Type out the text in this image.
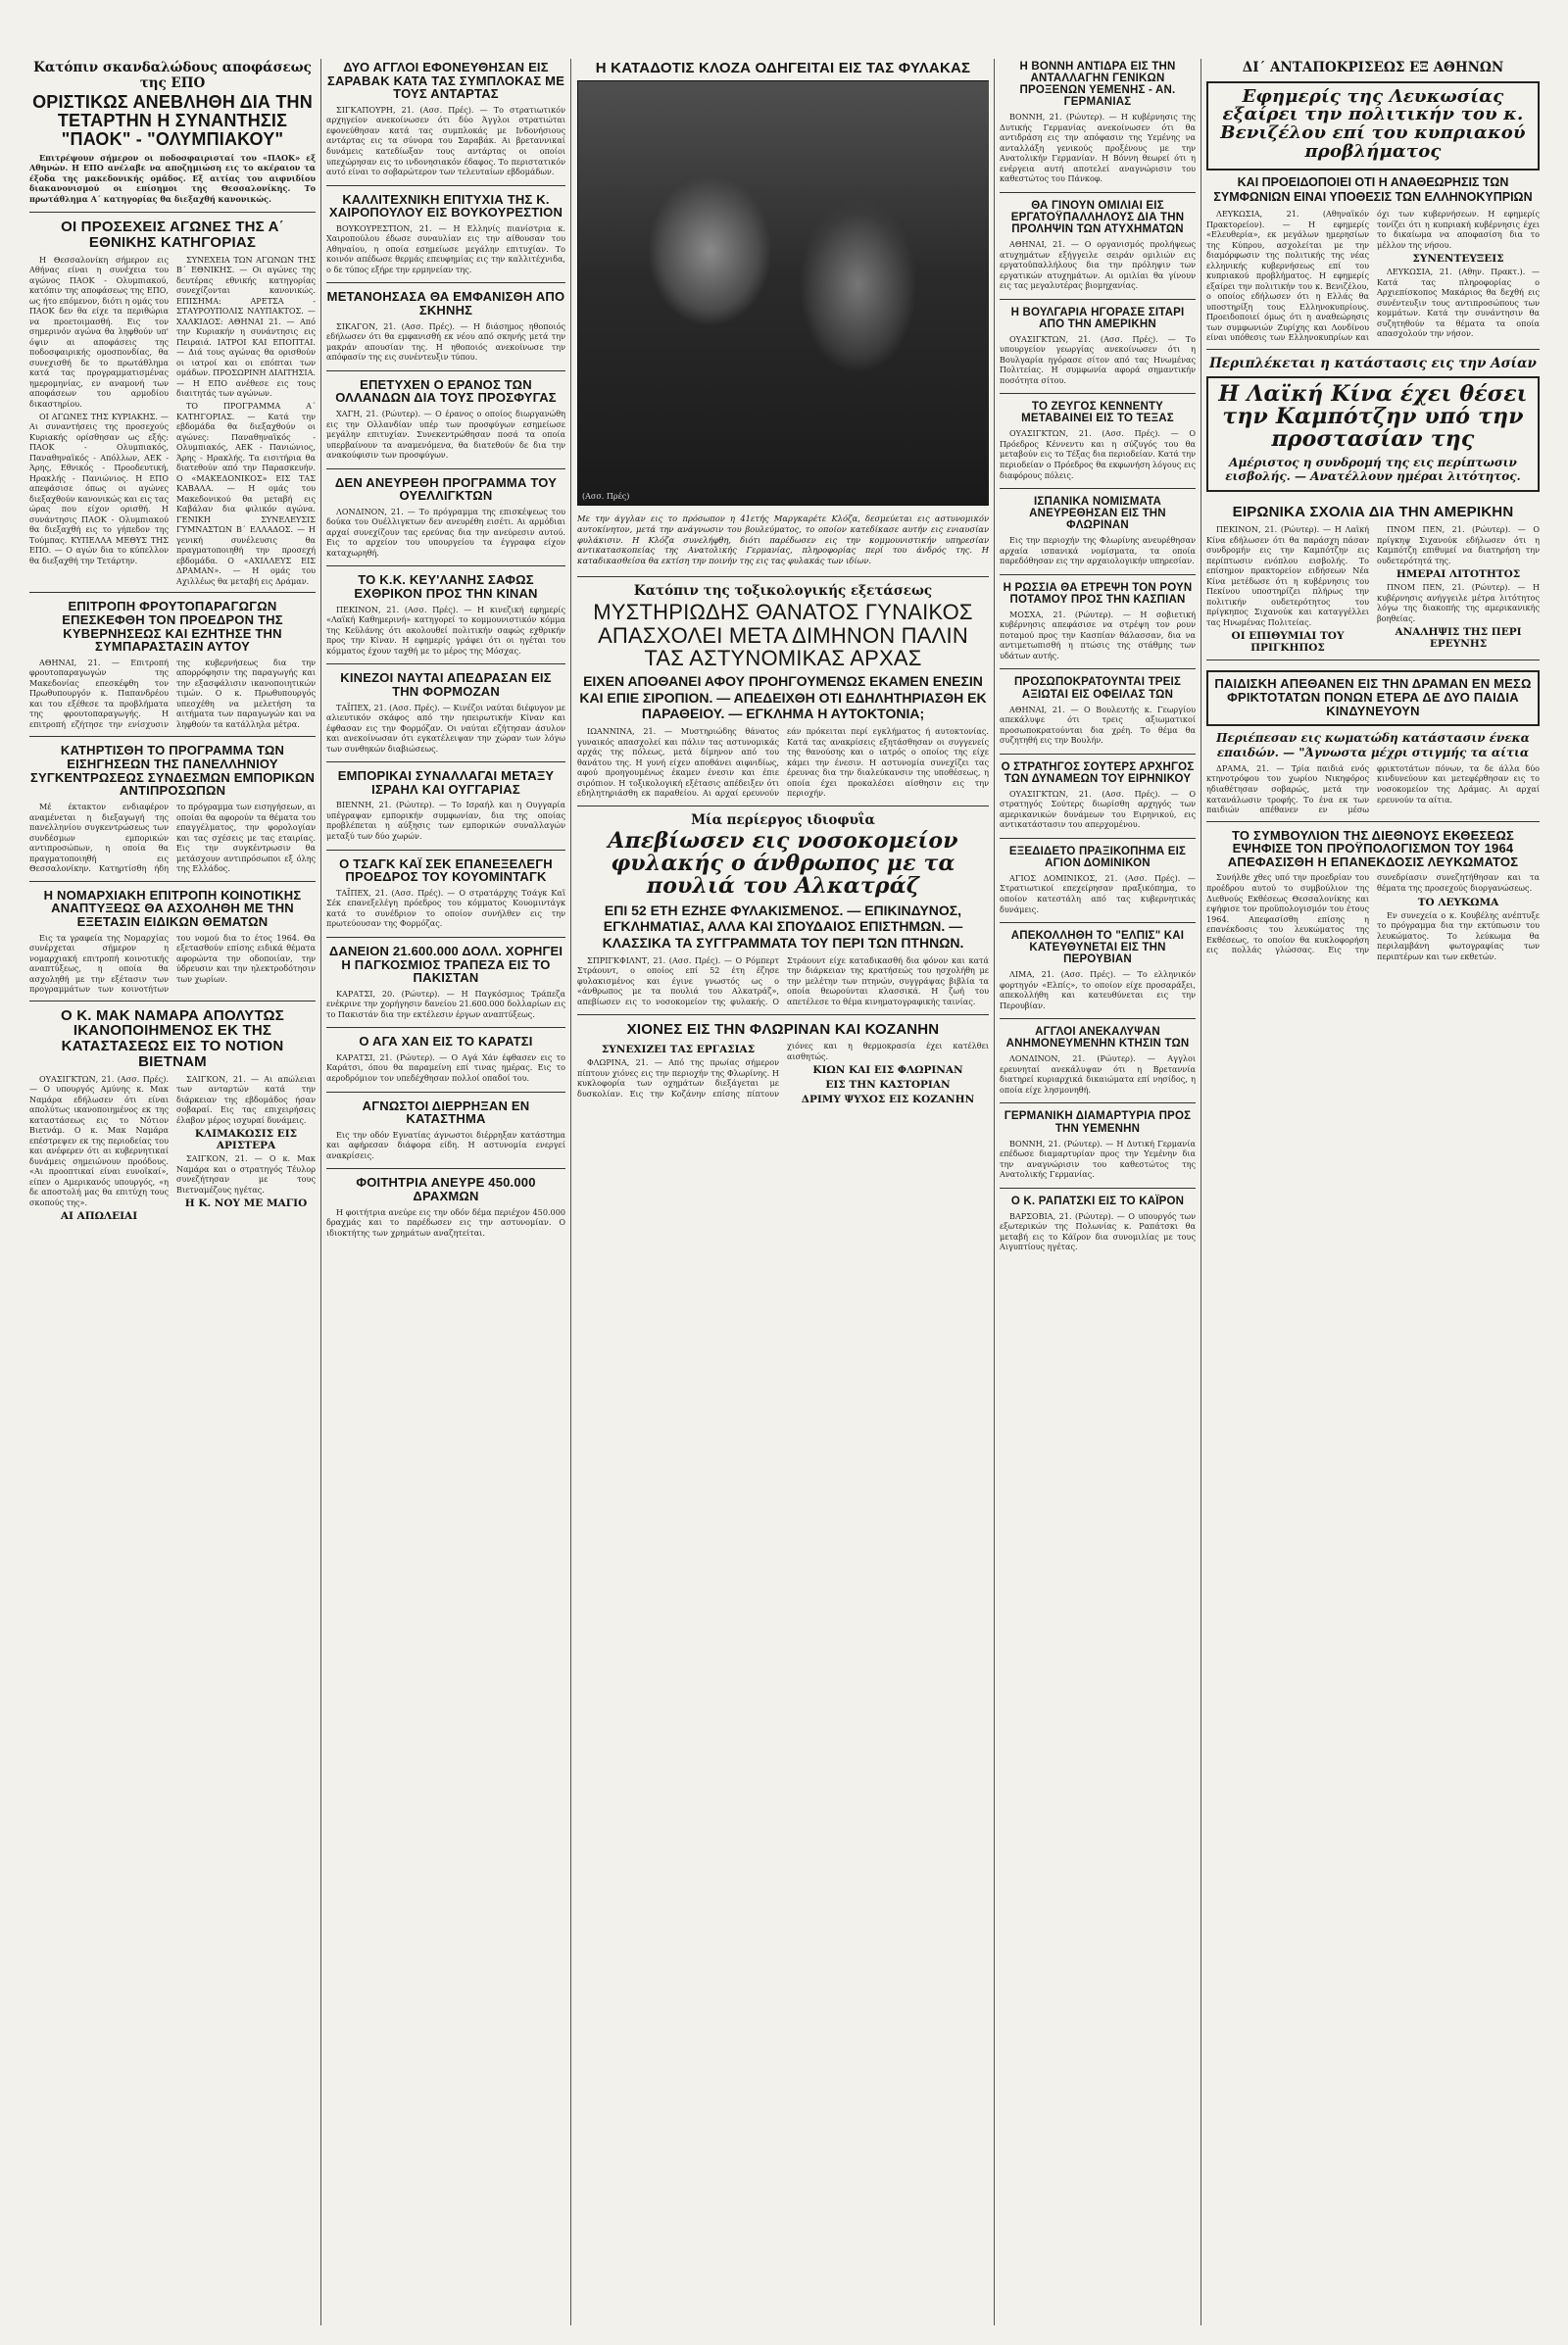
Κατόπιν σκανδαλώδους αποφάσεως της ΕΠΟ
ΟΡΙΣΤΙΚΩΣ ΑΝΕΒΛΗΘΗ ΔΙΑ ΤΗΝ ΤΕΤΑΡΤΗΝ Η ΣΥΝΑΝΤΗΣΙΣ "ΠΑΟΚ" - "ΟΛΥΜΠΙΑΚΟΥ"

Επιτρέψουν σήμερον οι ποδοσφαιρισταί του «ΠΑΟΚ» εξ Αθηνών. Η ΕΠΟ ανέλαβε να αποζημιώση εις το ακέραιον τα έξοδα της μακεδονικής ομάδος. Εξ αιτίας του αιφνιδίου διακανονισμού οι επίσημοι της Θεσσαλονίκης. Το πρωτάθλημα Α΄ κατηγορίας θα διεξαχθή κανονικώς.

ΟΙ ΠΡΟΣΕΧΕΙΣ ΑΓΩΝΕΣ ΤΗΣ Α΄ ΕΘΝΙΚΗΣ ΚΑΤΗΓΟΡΙΑΣ

Η Θεσσαλονίκη σήμερον εις Αθήνας είναι η συνέχεια του αγώνος ΠΑΟΚ - Ολυμπιακού, κατόπιν της αποφάσεως της ΕΠΟ, ως ήτο επόμενον, διότι η ομάς του ΠΑΟΚ δεν θα είχε τα περιθώρια να προετοιμασθή. Εις τον σημερινόν αγώνα θα ληφθούν υπ' όψιν αι αποφάσεις της ποδοσφαιρικής ομοσπονδίας, θα συνεχισθή δε το πρωτάθλημα κατά τας προγραμματισμένας ημερομηνίας, εν αναμονή των αποφάσεων του αρμοδίου δικαστηρίου.

ΟΙ ΑΓΩΝΕΣ ΤΗΣ ΚΥΡΙΑΚΗΣ. — Αι συναντήσεις της προσεχούς Κυριακής ορίσθησαν ως εξής: ΠΑΟΚ - Ολυμπιακός, Παναθηναϊκός - Απόλλων, ΑΕΚ - Άρης, Εθνικός - Προοδευτική, Ηρακλής - Πανιώνιος. Η ΕΠΟ απεφάσισε όπως οι αγώνες διεξαχθούν κανονικώς και εις τας ώρας που είχον ορισθή. Η συνάντησις ΠΑΟΚ - Ολυμπιακού θα διεξαχθή εις το γήπεδον της Τούμπας. ΚΥΠΕΛΛΑ ΜΕΘΥΣ ΤΗΣ ΕΠΟ. — Ο αγών δια το κύπελλον θα διεξαχθή την Τετάρτην.

ΣΥΝΕΧΕΙΑ ΤΩΝ ΑΓΩΝΩΝ ΤΗΣ Β΄ ΕΘΝΙΚΗΣ. — Οι αγώνες της δευτέρας εθνικής κατηγορίας συνεχίζονται κανονικώς. ΕΠΙΣΗΜΑ: ΑΡΕΤΣΑ - ΣΤΑΥΡΟΥΠΟΛΙΣ ΝΑΥΠΑΚΤΟΣ. — ΧΑΛΚΙΔΟΣ: ΑΘΗΝΑΙ 21. — Από την Κυριακήν η συνάντησις εις Πειραιά. ΙΑΤΡΟΙ ΚΑΙ ΕΠΟΠΤΑΙ. — Διά τους αγώνας θα ορισθούν οι ιατροί και οι επόπται των ομάδων. ΠΡΟΣΩΡΙΝΗ ΔΙΑΙΤΗΣΙΑ. — Η ΕΠΟ ανέθεσε εις τους διαιτητάς των αγώνων.

ΤΟ ΠΡΟΓΡΑΜΜΑ Α΄ ΚΑΤΗΓΟΡΙΑΣ. — Κατά την εβδομάδα θα διεξαχθούν οι αγώνες: Παναθηναϊκός - Ολυμπιακός, ΑΕΚ - Πανιώνιος, Άρης - Ηρακλής. Τα εισιτήρια θα διατεθούν από την Παρασκευήν. Ο «ΜΑΚΕΔΟΝΙΚΟΣ» ΕΙΣ ΤΑΣ ΚΑΒΑΛΑ. — Η ομάς του Μακεδονικού θα μεταβή εις Καβάλαν δια φιλικόν αγώνα. ΓΕΝΙΚΗ ΣΥΝΕΛΕΥΣΙΣ ΓΥΜΝΑΣΤΩΝ Β΄ ΕΛΛΑΔΟΣ. — Η γενική συνέλευσις θα πραγματοποιηθή την προσεχή εβδομάδα. Ο «ΑΧΙΛΛΕΥΣ ΕΙΣ ΔΡΑΜΑΝ». — Η ομάς του Αχιλλέως θα μεταβή εις Δράμαν.

ΕΠΙΤΡΟΠΗ ΦΡΟΥΤΟΠΑΡΑΓΩΓΩΝ ΕΠΕΣΚΕΦΘΗ ΤΟΝ ΠΡΟΕΔΡΟΝ ΤΗΣ ΚΥΒΕΡΝΗΣΕΩΣ ΚΑΙ ΕΖΗΤΗΣΕ ΤΗΝ ΣΥΜΠΑΡΑΣΤΑΣΙΝ ΑΥΤΟΥ

ΑΘΗΝΑΙ, 21. — Επιτροπή φρουτοπαραγωγών της Μακεδονίας επεσκέφθη τον Πρωθυπουργόν κ. Παπανδρέου και του εξέθεσε τα προβλήματα της φρουτοπαραγωγής. Η επιτροπή εζήτησε την ενίσχυσιν της κυβερνήσεως δια την απορρόφησιν της παραγωγής και την εξασφάλισιν ικανοποιητικών τιμών. Ο κ. Πρωθυπουργός υπεσχέθη να μελετήση τα αιτήματα των παραγωγών και να ληφθούν τα κατάλληλα μέτρα.

ΚΑΤΗΡΤΙΣΘΗ ΤΟ ΠΡΟΓΡΑΜΜΑ ΤΩΝ ΕΙΣΗΓΗΣΕΩΝ ΤΗΣ ΠΑΝΕΛΛΗΝΙΟΥ ΣΥΓΚΕΝΤΡΩΣΕΩΣ ΣΥΝΔΕΣΜΩΝ ΕΜΠΟΡΙΚΩΝ ΑΝΤΙΠΡΟΣΩΠΩΝ

Μέ έκτακτον ενδιαφέρον αναμένεται η διεξαγωγή της πανελληνίου συγκεντρώσεως των συνδέσμων εμπορικών αντιπροσώπων, η οποία θα πραγματοποιηθή εις Θεσσαλονίκην. Κατηρτίσθη ήδη το πρόγραμμα των εισηγήσεων, αι οποίαι θα αφορούν τα θέματα του επαγγέλματος, την φορολογίαν και τας σχέσεις με τας εταιρίας. Εις την συγκέντρωσιν θα μετάσχουν αντιπρόσωποι εξ όλης της Ελλάδος.

Η ΝΟΜΑΡΧΙΑΚΗ ΕΠΙΤΡΟΠΗ ΚΟΙΝΟΤΙΚΗΣ ΑΝΑΠΤΥΞΕΩΣ ΘΑ ΑΣΧΟΛΗΘΗ ΜΕ ΤΗΝ ΕΞΕΤΑΣΙΝ ΕΙΔΙΚΩΝ ΘΕΜΑΤΩΝ

Εις τα γραφεία της Νομαρχίας συνέρχεται σήμερον η νομαρχιακή επιτροπή κοινοτικής αναπτύξεως, η οποία θα ασχοληθή με την εξέτασιν των προγραμμάτων των κοινοτήτων του νομού δια το έτος 1964. Θα εξετασθούν επίσης ειδικά θέματα αφορώντα την οδοποιίαν, την ύδρευσιν και την ηλεκτροδότησιν των χωρίων.

Ο Κ. ΜΑΚ ΝΑΜΑΡΑ ΑΠΟΛΥΤΩΣ ΙΚΑΝΟΠΟΙΗΜΕΝΟΣ ΕΚ ΤΗΣ ΚΑΤΑΣΤΑΣΕΩΣ ΕΙΣ ΤΟ ΝΟΤΙΟΝ ΒΙΕΤΝΑΜ

ΟΥΑΣΙΓΚΤΩΝ, 21. (Ασσ. Πρές). — Ο υπουργός Αμύνης κ. Μακ Ναμάρα εδήλωσεν ότι είναι απολύτως ικανοποιημένος εκ της καταστάσεως εις το Νότιον Βιετνάμ. Ο κ. Μακ Ναμάρα επέστρεψεν εκ της περιοδείας του και ανέφερεν ότι αι κυβερνητικαί δυνάμεις σημειώνουν προόδους. «Αι προοπτικαί είναι ευνοϊκαί», είπεν ο Αμερικανός υπουργός, «η δε αποστολή μας θα επιτύχη τους σκοπούς της».

ΑΙ ΑΠΩΛΕΙΑΙ

ΣΑΙΓΚΟΝ, 21. — Αι απώλειαι των ανταρτών κατά την διάρκειαν της εβδομάδος ήσαν σοβαραί. Εις τας επιχειρήσεις έλαβον μέρος ισχυραί δυνάμεις.

ΚΛΙΜΑΚΩΣΙΣ ΕΙΣ ΑΡΙΣΤΕΡΑ

ΣΑΙΓΚΟΝ, 21. — Ο κ. Μακ Ναμάρα και ο στρατηγός Τέυλορ συνεζήτησαν με τους Βιετναμέζους ηγέτας.

Η Κ. ΝΟΥ ΜΕ ΜΑΓΙΟ
ΔΥΟ ΑΓΓΛΟΙ ΕΦΟΝΕΥΘΗΣΑΝ ΕΙΣ ΣΑΡΑΒΑΚ ΚΑΤΑ ΤΑΣ ΣΥΜΠΛΟΚΑΣ ΜΕ ΤΟΥΣ ΑΝΤΑΡΤΑΣ

ΣΙΓΚΑΠΟΥΡΗ, 21. (Ασσ. Πρές). — Το στρατιωτικόν αρχηγείον ανεκοίνωσεν ότι δύο Άγγλοι στρατιώται εφονεύθησαν κατά τας συμπλοκάς με Ινδονήσιους αντάρτας εις τα σύνορα του Σαραβάκ. Αι βρεταννικαί δυνάμεις κατεδίωξαν τους αντάρτας οι οποίοι υπεχώρησαν εις το ινδονησιακόν έδαφος. Το περιστατικόν αυτό είναι το σοβαρώτερον των τελευταίων εβδομάδων.

ΚΑΛΛΙΤΕΧΝΙΚΗ ΕΠΙΤΥΧΙΑ ΤΗΣ Κ. ΧΑΙΡΟΠΟΥΛΟΥ ΕΙΣ ΒΟΥΚΟΥΡΕΣΤΙΟΝ

ΒΟΥΚΟΥΡΕΣΤΙΟΝ, 21. — Η Ελληνίς πιανίστρια κ. Χαιροπούλου έδωσε συναυλίαν εις την αίθουσαν του Αθηναίου, η οποία εσημείωσε μεγάλην επιτυχίαν. Το κοινόν απέδωσε θερμάς επευφημίας εις την καλλιτέχνιδα, ο δε τύπος εξήρε την ερμηνείαν της.

ΜΕΤΑΝΟΗΣΑΣΑ ΘΑ ΕΜΦΑΝΙΣΘΗ ΑΠΟ ΣΚΗΝΗΣ

ΣΙΚΑΓΟΝ, 21. (Ασσ. Πρές). — Η διάσημος ηθοποιός εδήλωσεν ότι θα εμφανισθή εκ νέου από σκηνής μετά την μακράν απουσίαν της. Η ηθοποιός ανεκοίνωσε την απόφασίν της εις συνέντευξιν τύπου.

ΕΠΕΤΥΧΕΝ Ο ΕΡΑΝΟΣ ΤΩΝ ΟΛΛΑΝΔΩΝ ΔΙΑ ΤΟΥΣ ΠΡΟΣΦΥΓΑΣ

ΧΑΓΗ, 21. (Ρώυτερ). — Ο έρανος ο οποίος διωργανώθη εις την Ολλανδίαν υπέρ των προσφύγων εσημείωσε μεγάλην επιτυχίαν. Συνεκεντρώθησαν ποσά τα οποία υπερβαίνουν τα αναμενόμενα, θα διατεθούν δε δια την ανακούφισιν των προσφύγων.

ΔΕΝ ΑΝΕΥΡΕΘΗ ΠΡΟΓΡΑΜΜΑ ΤΟΥ ΟΥΕΛΛΙΓΚΤΩΝ

ΛΟΝΔΙΝΟΝ, 21. — Το πρόγραμμα της επισκέψεως του δούκα του Ουέλλιγκτων δεν ανευρέθη εισέτι. Αι αρμόδιαι αρχαί συνεχίζουν τας ερεύνας δια την ανεύρεσιν αυτού. Εις το αρχείον του υπουργείου τα έγγραφα είχον καταχωρηθή.

ΤΟ Κ.Κ. ΚΕΥ'ΛΑΝΗΣ ΣΑΦΩΣ ΕΧΘΡΙΚΟΝ ΠΡΟΣ ΤΗΝ ΚΙΝΑΝ

ΠΕΚΙΝΟΝ, 21. (Ασσ. Πρές). — Η κινεζική εφημερίς «Λαϊκή Καθημερινή» κατηγορεί το κομμουνιστικόν κόμμα της Κεϋλάνης ότι ακολουθεί πολιτικήν σαφώς εχθρικήν προς την Κίναν. Η εφημερίς γράφει ότι οι ηγέται του κόμματος έχουν ταχθή με το μέρος της Μόσχας.

ΚΙΝΕΖΟΙ ΝΑΥΤΑΙ ΑΠΕΔΡΑΣΑΝ ΕΙΣ ΤΗΝ ΦΟΡΜΟΖΑΝ

ΤΑΪΠΕΧ, 21. (Ασσ. Πρές). — Κινέζοι ναύται διέφυγον με αλιευτικόν σκάφος από την ηπειρωτικήν Κίναν και έφθασαν εις την Φορμόζαν. Οι ναύται εζήτησαν άσυλον και ανεκοίνωσαν ότι εγκατέλειψαν την χώραν των λόγω των συνθηκών διαβιώσεως.

ΕΜΠΟΡΙΚΑΙ ΣΥΝΑΛΛΑΓΑΙ ΜΕΤΑΞΥ ΙΣΡΑΗΛ ΚΑΙ ΟΥΓΓΑΡΙΑΣ

ΒΙΕΝΝΗ, 21. (Ρώυτερ). — Το Ισραήλ και η Ουγγαρία υπέγραψαν εμπορικήν συμφωνίαν, δια της οποίας προβλέπεται η αύξησις των εμπορικών συναλλαγών μεταξύ των δύο χωρών.

Ο ΤΣΑΓΚ ΚΑΪ ΣΕΚ ΕΠΑΝΕΞΕΛΕΓΗ ΠΡΟΕΔΡΟΣ ΤΟΥ ΚΟΥΟΜΙΝΤΑΓΚ

ΤΑΪΠΕΧ, 21. (Ασσ. Πρές). — Ο στρατάρχης Τσάγκ Καϊ Σέκ επανεξελέγη πρόεδρος του κόμματος Κουομιντάγκ κατά το συνέδριον το οποίον συνήλθεν εις την πρωτεύουσαν της Φορμόζας.

ΔΑΝΕΙΟΝ 21.600.000 ΔΟΛΛ. ΧΟΡΗΓΕΙ Η ΠΑΓΚΟΣΜΙΟΣ ΤΡΑΠΕΖΑ ΕΙΣ ΤΟ ΠΑΚΙΣΤΑΝ

ΚΑΡΑΤΣΙ, 20. (Ρώυτερ). — Η Παγκόσμιος Τράπεζα ενέκρινε την χορήγησιν δανείου 21.600.000 δολλαρίων εις το Πακιστάν δια την εκτέλεσιν έργων αναπτύξεως.

Ο ΑΓΑ ΧΑΝ ΕΙΣ ΤΟ ΚΑΡΑΤΣΙ

ΚΑΡΑΤΣΙ, 21. (Ρώυτερ). — Ο Αγά Χάν έφθασεν εις το Καράτσι, όπου θα παραμείνη επί τινας ημέρας. Εις το αεροδρόμιον τον υπεδέχθησαν πολλοί οπαδοί του.

ΑΓΝΩΣΤΟΙ ΔΙΕΡΡΗΞΑΝ ΕΝ ΚΑΤΑΣΤΗΜΑ

Εις την οδόν Εγνατίας άγνωστοι διέρρηξαν κατάστημα και αφήρεσαν διάφορα είδη. Η αστυνομία ενεργεί ανακρίσεις.

ΦΟΙΤΗΤΡΙΑ ΑΝΕΥΡΕ 450.000 ΔΡΑΧΜΩΝ

Η φοιτήτρια ανεύρε εις την οδόν δέμα περιέχον 450.000 δραχμάς και το παρέδωσεν εις την αστυνομίαν. Ο ιδιοκτήτης των χρημάτων αναζητείται.

Η ΚΑΤΑΔΟΤΙΣ ΚΛΟΖΑ ΟΔΗΓΕΙΤΑΙ ΕΙΣ ΤΑΣ ΦΥΛΑΚΑΣ
(Ασσ. Πρές)

Με την άγγλαν εις το πρόσωπον η 41ετής Μαργκαρέτε Κλόζα, δεσμεύεται εις αστυνομικόν αυτοκίνητον, μετά την ανάγνωσιν του βουλεύματος, το οποίον κατεδίκασε αυτήν εις ενιαυσίαν φυλάκισιν. Η Κλόζα συνελήφθη, διότι παρέδωσεν εις την κομμουνιστικήν υπηρεσίαν αντικατασκοπείας της Ανατολικής Γερμανίας, πληροφορίας περί του άνδρός της. Η καταδικασθείσα θα εκτίση την ποινήν της εις τας φυλακάς των ιδίων.

Κατόπιν της τοξικολογικής εξετάσεως
ΜΥΣΤΗΡΙΩΔΗΣ ΘΑΝΑΤΟΣ ΓΥΝΑΙΚΟΣ ΑΠΑΣΧΟΛΕΙ ΜΕΤΑ ΔΙΜΗΝΟΝ ΠΑΛΙΝ ΤΑΣ ΑΣΤΥΝΟΜΙΚΑΣ ΑΡΧΑΣ
ΕΙΧΕΝ ΑΠΟΘΑΝΕΙ ΑΦΟΥ ΠΡΟΗΓΟΥΜΕΝΩΣ ΕΚΑΜΕΝ ΕΝΕΣΙΝ ΚΑΙ ΕΠΙΕ ΣΙΡΟΠΙΟΝ. — ΑΠΕΔΕΙΧΘΗ ΟΤΙ ΕΔΗΛΗΤΗΡΙΑΣΘΗ ΕΚ ΠΑΡΑΘΕΙΟΥ. — ΕΓΚΛΗΜΑ Η ΑΥΤΟΚΤΟΝΙΑ;

ΙΩΑΝΝΙΝΑ, 21. — Μυστηριώδης θάνατος γυναικός απασχολεί και πάλιν τας αστυνομικάς αρχάς της πόλεως, μετά δίμηνον από του θανάτου της. Η γυνή είχεν αποθάνει αιφνιδίως, αφού προηγουμένως έκαμεν ένεσιν και έπιε σιρόπιον. Η τοξικολογική εξέτασις απέδειξεν ότι εδηλητηριάσθη εκ παραθείου. Αι αρχαί ερευνούν εάν πρόκειται περί εγκλήματος ή αυτοκτονίας. Κατά τας ανακρίσεις εξητάσθησαν οι συγγενείς της θανούσης και ο ιατρός ο οποίος της είχε κάμει την ένεσιν. Η αστυνομία συνεχίζει τας έρευνας δια την διαλεύκανσιν της υποθέσεως, η οποία έχει προκαλέσει αίσθησιν εις την περιοχήν.

Μία περίεργος ιδιοφυΐα
Απεβίωσεν εις νοσοκομείον φυλακής ο άνθρωπος με τα πουλιά του Αλκατράζ
ΕΠΙ 52 ΕΤΗ ΕΖΗΣΕ ΦΥΛΑΚΙΣΜΕΝΟΣ. — ΕΠΙΚΙΝΔΥΝΟΣ, ΕΓΚΛΗΜΑΤΙΑΣ, ΑΛΛΑ ΚΑΙ ΣΠΟΥΔΑΙΟΣ ΕΠΙΣΤΗΜΩΝ. — ΚΛΑΣΣΙΚΑ ΤΑ ΣΥΓΓΡΑΜΜΑΤΑ ΤΟΥ ΠΕΡΙ ΤΩΝ ΠΤΗΝΩΝ.

ΣΠΡΙΓΚΦΙΛΝΤ, 21. (Ασσ. Πρές). — Ο Ρόμπερτ Στράουντ, ο οποίος επί 52 έτη έζησε φυλακισμένος και έγινε γνωστός ως ο «άνθρωπος με τα πουλιά του Αλκατράζ», απεβίωσεν εις το νοσοκομείον της φυλακής. Ο Στράουντ είχε καταδικασθή δια φόνον και κατά την διάρκειαν της κρατήσεώς του ησχολήθη με την μελέτην των πτηνών, συγγράψας βιβλία τα οποία θεωρούνται κλασσικά. Η ζωή του απετέλεσε το θέμα κινηματογραφικής ταινίας.

ΧΙΟΝΕΣ ΕΙΣ ΤΗΝ ΦΛΩΡΙΝΑΝ ΚΑΙ ΚΟΖΑΝΗΝ
ΣΥΝΕΧΙΖΕΙ ΤΑΣ ΕΡΓΑΣΙΑΣ

ΦΛΩΡΙΝΑ, 21. — Από της πρωίας σήμερον πίπτουν χιόνες εις την περιοχήν της Φλωρίνης. Η κυκλοφορία των οχημάτων διεξάγεται με δυσκολίαν. Εις την Κοζάνην επίσης πίπτουν χιόνες και η θερμοκρασία έχει κατέλθει αισθητώς.

ΚΙΩΝ ΚΑΙ ΕΙΣ ΦΛΩΡΙΝΑΝ
ΕΙΣ ΤΗΝ ΚΑΣΤΟΡΙΑΝ
ΔΡΙΜΥ ΨΥΧΟΣ ΕΙΣ ΚΟΖΑΝΗΝ
Η ΒΟΝΝΗ ΑΝΤΙΔΡΑ ΕΙΣ ΤΗΝ ΑΝΤΑΛΛΑΓΗΝ ΓΕΝΙΚΩΝ ΠΡΟΞΕΝΩΝ ΥΕΜΕΝΗΣ - ΑΝ. ΓΕΡΜΑΝΙΑΣ

ΒΟΝΝΗ, 21. (Ρώυτερ). — Η κυβέρνησις της Δυτικής Γερμανίας ανεκοίνωσεν ότι θα αντιδράση εις την απόφασιν της Υεμένης να ανταλλάξη γενικούς προξένους με την Ανατολικήν Γερμανίαν. Η Βόννη θεωρεί ότι η ενέργεια αυτή αποτελεί αναγνώρισιν του καθεστώτος του Πάνκοφ.

ΘΑ ΓΙΝΟΥΝ ΟΜΙΛΙΑΙ ΕΙΣ ΕΡΓΑΤΟΫΠΑΛΛΗΛΟΥΣ ΔΙΑ ΤΗΝ ΠΡΟΛΗΨΙΝ ΤΩΝ ΑΤΥΧΗΜΑΤΩΝ

ΑΘΗΝΑΙ, 21. — Ο οργανισμός προλήψεως ατυχημάτων εξήγγειλε σειράν ομιλιών εις εργατοϋπαλλήλους δια την πρόληψιν των εργατικών ατυχημάτων. Αι ομιλίαι θα γίνουν εις τας μεγαλυτέρας βιομηχανίας.

Η ΒΟΥΛΓΑΡΙΑ ΗΓΟΡΑΣΕ ΣΙΤΑΡΙ ΑΠΟ ΤΗΝ ΑΜΕΡΙΚΗΝ

ΟΥΑΣΙΓΚΤΩΝ, 21. (Ασσ. Πρές). — Το υπουργείον γεωργίας ανεκοίνωσεν ότι η Βουλγαρία ηγόρασε σίτον από τας Ηνωμένας Πολιτείας. Η συμφωνία αφορά σημαντικήν ποσότητα σίτου.

ΤΟ ΖΕΥΓΟΣ ΚΕΝΝΕΝΤΥ ΜΕΤΑΒΑΙΝΕΙ ΕΙΣ ΤΟ ΤΕΞΑΣ

ΟΥΑΣΙΓΚΤΩΝ, 21. (Ασσ. Πρές). — Ο Πρόεδρος Κέννεντυ και η σύζυγός του θα μεταβούν εις το Τέξας δια περιοδείαν. Κατά την περιοδείαν ο Πρόεδρος θα εκφωνήση λόγους εις διαφόρους πόλεις.

ΙΣΠΑΝΙΚΑ ΝΟΜΙΣΜΑΤΑ ΑΝΕΥΡΕΘΗΣΑΝ ΕΙΣ ΤΗΝ ΦΛΩΡΙΝΑΝ

Εις την περιοχήν της Φλωρίνης ανευρέθησαν αρχαία ισπανικά νομίσματα, τα οποία παρεδόθησαν εις την αρχαιολογικήν υπηρεσίαν.

Η ΡΩΣΣΙΑ ΘΑ ΕΤΡΕΨΗ ΤΟΝ ΡΟΥΝ ΠΟΤΑΜΟΥ ΠΡΟΣ ΤΗΝ ΚΑΣΠΙΑΝ

ΜΟΣΧΑ, 21. (Ρώυτερ). — Η σοβιετική κυβέρνησις απεφάσισε να στρέψη τον ρουν ποταμού προς την Κασπίαν θάλασσαν, δια να αντιμετωπισθή η πτώσις της στάθμης των υδάτων αυτής.

ΠΡΟΣΩΠΟΚΡΑΤΟΥΝΤΑΙ ΤΡΕΙΣ ΑΞΙΩΤΑΙ ΕΙΣ ΟΦΕΙΛΑΣ ΤΩΝ

ΑΘΗΝΑΙ, 21. — Ο Βουλευτής κ. Γεωργίου απεκάλυψε ότι τρεις αξιωματικοί προσωποκρατούνται δια χρέη. Το θέμα θα συζητηθή εις την Βουλήν.

Ο ΣΤΡΑΤΗΓΟΣ ΣΟΥΤΕΡΣ ΑΡΧΗΓΟΣ ΤΩΝ ΔΥΝΑΜΕΩΝ ΤΟΥ ΕΙΡΗΝΙΚΟΥ

ΟΥΑΣΙΓΚΤΩΝ, 21. (Ασσ. Πρές). — Ο στρατηγός Σούτερς διωρίσθη αρχηγός των αμερικανικών δυνάμεων του Ειρηνικού, εις αντικατάστασιν του απερχομένου.

ΕΞΕΔΙΔΕΤΟ ΠΡΑΞΙΚΟΠΗΜΑ ΕΙΣ ΑΓΙΟΝ ΔΟΜΙΝΙΚΟΝ

ΑΓΙΟΣ ΔΟΜΙΝΙΚΟΣ, 21. (Ασσ. Πρές). — Στρατιωτικοί επεχείρησαν πραξικόπημα, το οποίον κατεστάλη από τας κυβερνητικάς δυνάμεις.

ΑΠΕΚΟΛΛΗΘΗ ΤΟ "ΕΛΠΙΣ" ΚΑΙ ΚΑΤΕΥΘΥΝΕΤΑΙ ΕΙΣ ΤΗΝ ΠΕΡΟΥΒΙΑΝ

ΛΙΜΑ, 21. (Ασσ. Πρές). — Το ελληνικόν φορτηγόν «Ελπίς», το οποίον είχε προσαράξει, απεκολλήθη και κατευθύνεται εις την Περουβίαν.

ΑΓΓΛΟΙ ΑΝΕΚΑΛΥΨΑΝ ΑΝΗΜΟΝΕΥΜΕΝΗΝ ΚΤΗΣΙΝ ΤΩΝ

ΛΟΝΔΙΝΟΝ, 21. (Ρώυτερ). — Αγγλοι ερευνηταί ανεκάλυψαν ότι η Βρεταννία διατηρεί κυριαρχικά δικαιώματα επί νησίδος, η οποία είχε λησμονηθή.

ΓΕΡΜΑΝΙΚΗ ΔΙΑΜΑΡΤΥΡΙΑ ΠΡΟΣ ΤΗΝ ΥΕΜΕΝΗΝ

ΒΟΝΝΗ, 21. (Ρώυτερ). — Η Δυτική Γερμανία επέδωσε διαμαρτυρίαν προς την Υεμένην δια την αναγνώρισιν του καθεστώτος της Ανατολικής Γερμανίας.

Ο Κ. ΡΑΠΑΤΣΚΙ ΕΙΣ ΤΟ ΚΑΪΡΟΝ

ΒΑΡΣΟΒΙΑ, 21. (Ρώυτερ). — Ο υπουργός των εξωτερικών της Πολωνίας κ. Ραπάτσκι θα μεταβή εις το Κάϊρον δια συνομιλίας με τους Αιγυπτίους ηγέτας.

ΔΙ΄ ΑΝΤΑΠΟΚΡΙΣΕΩΣ ΕΞ ΑΘΗΝΩΝ
Εφημερίς της Λευκωσίας εξαίρει την πολιτικήν του κ. Βενιζέλου επί του κυπριακού προβλήματος
ΚΑΙ ΠΡΟΕΙΔΟΠΟΙΕΙ ΟΤΙ Η ΑΝΑΘΕΩΡΗΣΙΣ ΤΩΝ ΣΥΜΦΩΝΙΩΝ ΕΙΝΑΙ ΥΠΟΘΕΣΙΣ ΤΩΝ ΕΛΛΗΝΟΚΥΠΡΙΩΝ

ΛΕΥΚΩΣΙΑ, 21. (Αθηναϊκόν Πρακτορείον). — Η εφημερίς «Ελευθερία», εκ μεγάλων ημερησίων της Κύπρου, ασχολείται με την διαμόρφωσιν της πολιτικής της νέας ελληνικής κυβερνήσεως επί του κυπριακού προβλήματος. Η εφημερίς εξαίρει την πολιτικήν του κ. Βενιζέλου, ο οποίος εδήλωσεν ότι η Ελλάς θα υποστηρίξη τους Ελληνοκυπρίους. Προειδοποιεί όμως ότι η αναθεώρησις των συμφωνιών Ζυρίχης και Λονδίνου είναι υπόθεσις των Ελληνοκυπρίων και όχι των κυβερνήσεων. Η εφημερίς τονίζει ότι η κυπριακή κυβέρνησις έχει το δικαίωμα να αποφασίση δια το μέλλον της νήσου.

ΣΥΝΕΝΤΕΥΞΕΙΣ

ΛΕΥΚΩΣΙΑ, 21. (Αθην. Πρακτ.). — Κατά τας πληροφορίας ο Αρχιεπίσκοπος Μακάριος θα δεχθή εις συνέντευξιν τους αντιπροσώπους των κομμάτων. Κατά την συνάντησιν θα συζητηθούν τα θέματα τα οποία απασχολούν την νήσον.

Περιπλέκεται η κατάστασις εις την Ασίαν
Η Λαϊκή Κίνα έχει θέσει την Καμπότζην υπό την προστασίαν της
Αμέριστος η συνδρομή της εις περίπτωσιν εισβολής. — Ανατέλλουν ημέραι λιτότητος.
ΕΙΡΩΝΙΚΑ ΣΧΟΛΙΑ ΔΙΑ ΤΗΝ ΑΜΕΡΙΚΗΝ

ΠΕΚΙΝΟΝ, 21. (Ρώυτερ). — Η Λαϊκή Κίνα εδήλωσεν ότι θα παράσχη πάσαν συνδρομήν εις την Καμπότζην εις περίπτωσιν ενόπλου εισβολής. Το επίσημον πρακτορείον ειδήσεων Νέα Κίνα μετέδωσε ότι η κυβέρνησις του Πεκίνου υποστηρίζει πλήρως την πολιτικήν ουδετερότητος του πρίγκηπος Σιχανούκ και καταγγέλλει τας Ηνωμένας Πολιτείας.

ΟΙ ΕΠΙΘΥΜΙΑΙ ΤΟΥ ΠΡΙΓΚΗΠΟΣ

ΠΝΟΜ ΠΕΝ, 21. (Ρώυτερ). — Ο πρίγκηψ Σιχανούκ εδήλωσεν ότι η Καμπότζη επιθυμεί να διατηρήση την ουδετερότητά της.

ΗΜΕΡΑΙ ΛΙΤΟΤΗΤΟΣ

ΠΝΟΜ ΠΕΝ, 21. (Ρώυτερ). — Η κυβέρνησις ανήγγειλε μέτρα λιτότητος λόγω της διακοπής της αμερικανικής βοηθείας.

ΑΝΑΛΗΨΙΣ ΤΗΣ ΠΕΡΙ ΕΡΕΥΝΗΣ
ΠΑΙΔΙΣΚΗ ΑΠΕΘΑΝΕΝ ΕΙΣ ΤΗΝ ΔΡΑΜΑΝ ΕΝ ΜΕΣΩ ΦΡΙΚΤΟΤΑΤΩΝ ΠΟΝΩΝ ΕΤΕΡΑ ΔΕ ΔΥΟ ΠΑΙΔΙΑ ΚΙΝΔΥΝΕΥΟΥΝ
Περιέπεσαν εις κωματώδη κατάστασιν ένεκα επαιδών. — "Άγνωστα μέχρι στιγμής τα αίτια

ΔΡΑΜΑ, 21. — Τρία παιδιά ενός κτηνοτρόφου του χωρίου Νικηφόρος ηδιαθέτησαν σοβαρώς, μετά την κατανάλωσιν τροφής. Το ένα εκ των παιδιών απέθανεν εν μέσω φρικτοτάτων πόνων, τα δε άλλα δύο κινδυνεύουν και μετεφέρθησαν εις το νοσοκομείον της Δράμας. Αι αρχαί ερευνούν τα αίτια.

ΤΟ ΣΥΜΒΟΥΛΙΟΝ ΤΗΣ ΔΙΕΘΝΟΥΣ ΕΚΘΕΣΕΩΣ ΕΨΗΦΙΣΕ ΤΟΝ ΠΡΟΫΠΟΛΟΓΙΣΜΟΝ ΤΟΥ 1964 ΑΠΕΦΑΣΙΣΘΗ Η ΕΠΑΝΕΚΔΟΣΙΣ ΛΕΥΚΩΜΑΤΟΣ

Συνήλθε χθες υπό την προεδρίαν του προέδρου αυτού το συμβούλιον της Διεθνούς Εκθέσεως Θεσσαλονίκης και εψήφισε τον προϋπολογισμόν του έτους 1964. Απεφασίσθη επίσης η επανέκδοσις του λευκώματος της Εκθέσεως, το οποίον θα κυκλοφορήση εις πολλάς γλώσσας. Εις την συνεδρίασιν συνεζητήθησαν και τα θέματα της προσεχούς διοργανώσεως.

ΤΟ ΛΕΥΚΩΜΑ

Εν συνεχεία ο κ. Κουβέλης ανέπτυξε το πρόγραμμα δια την εκτύπωσιν του λευκώματος. Το λεύκωμα θα περιλαμβάνη φωτογραφίας των περιπτέρων και των εκθετών.
